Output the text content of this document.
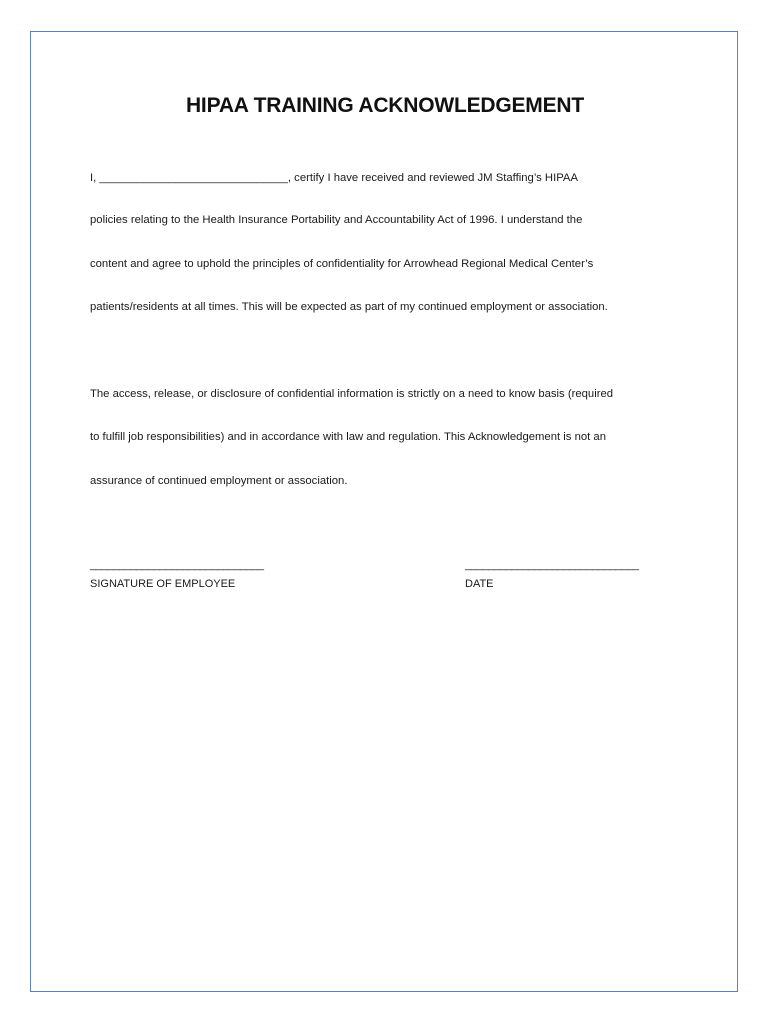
HIPAA TRAINING ACKNOWLEDGEMENT

I, ______________________________, certify I have received and reviewed JM Staffing’s HIPAA

policies relating to the Health Insurance Portability and Accountability Act of 1996. I understand the

content and agree to uphold the principles of confidentiality for Arrowhead Regional Medical Center’s

patients/residents at all times. This will be expected as part of my continued employment or association.

The access, release, or disclosure of confidential information is strictly on a need to know basis (required

to fulfill job responsibilities) and in accordance with law and regulation. This Acknowledgement is not an

assurance of continued employment or association.

______________________________
SIGNATURE OF EMPLOYEE
______________________________
DATE
